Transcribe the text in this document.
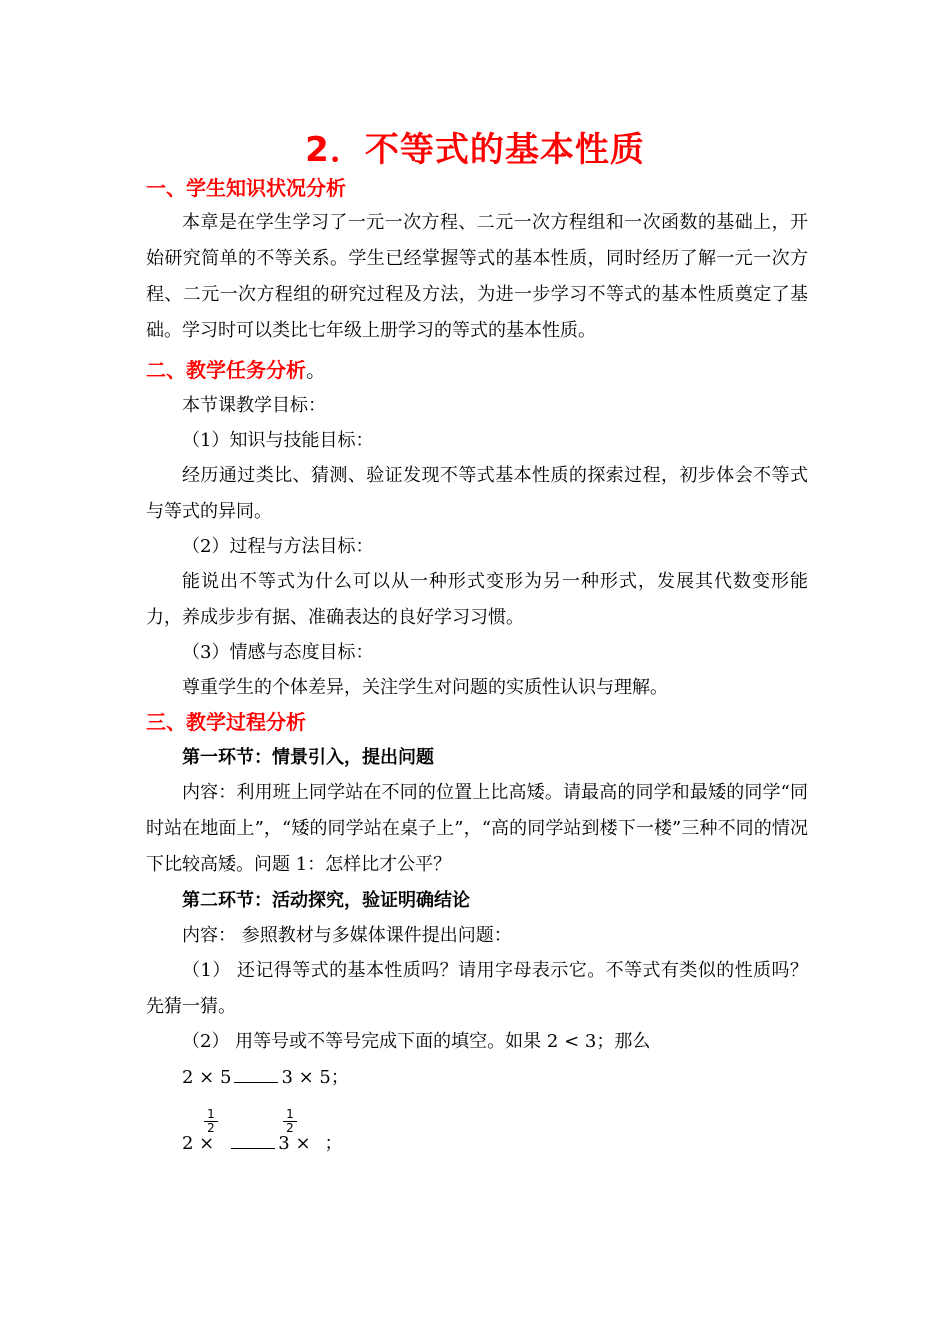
2．不等式的基本性质
一、学生知识状况分析

本章是在学生学习了一元一次方程、二元一次方程组和一次函数的基础上，开始研究简单的不等关系。学生已经掌握等式的基本性质，同时经历了解一元一次方程、二元一次方程组的研究过程及方法，为进一步学习不等式的基本性质奠定了基础。学习时可以类比七年级上册学习的等式的基本性质。

二、教学任务分析。
本节课教学目标：
（1）知识与技能目标：

经历通过类比、猜测、验证发现不等式基本性质的探索过程，初步体会不等式与等式的异同。

（2）过程与方法目标：

能说出不等式为什么可以从一种形式变形为另一种形式，发展其代数变形能力，养成步步有据、准确表达的良好学习习惯。

（3）情感与态度目标：
尊重学生的个体差异，关注学生对问题的实质性认识与理解。
三、教学过程分析
第一环节：情景引入，提出问题

内容：利用班上同学站在不同的位置上比高矮。请最高的同学和最矮的同学“同时站在地面上”，“矮的同学站在桌子上”，“高的同学站到楼下一楼”三种不同的情况下比较高矮。问题 1：怎样比才公平？

第二环节：活动探究，验证明确结论
内容： 参照教材与多媒体课件提出问题：

（1） 还记得等式的基本性质吗？请用字母表示它。不等式有类似的性质吗？先猜一猜。

（2） 用等号或不等号完成下面的填空。如果 2 < 3；那么
2 × 5	3 × 5；
2 ×	3 × ；
$\frac{1}{2}$	$\frac{1}{2}$
